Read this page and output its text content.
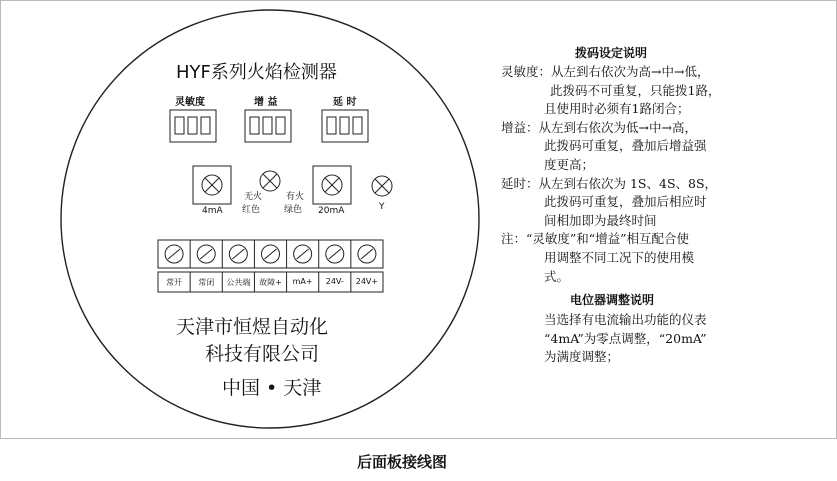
HYF系列火焰检测器
灵敏度	增 益	延 时
4mA	20mA
无火
红色
有火
绿色	Y
常开	常闭	公共端	故障+	mA+	24V-	24V+
天津市恒煜自动化
科技有限公司
中国 • 天津
拨码设定说明
灵敏度：从左到右依次为高→中→低，
此拨码不可重复，只能拨1路，
且使用时必须有1路闭合；
增益：从左到右依次为低→中→高，
此拨码可重复，叠加后增益强
度更高；
延时：从左到右依次为 1S、4S、8S，
此拨码可重复，叠加后相应时
间相加即为最终时间
注：“灵敏度”和“增益”相互配合使
用调整不同工况下的使用模
式。
电位器调整说明
当选择有电流输出功能的仪表
“4mA”为零点调整，“20mA”
为满度调整；
后面板接线图
